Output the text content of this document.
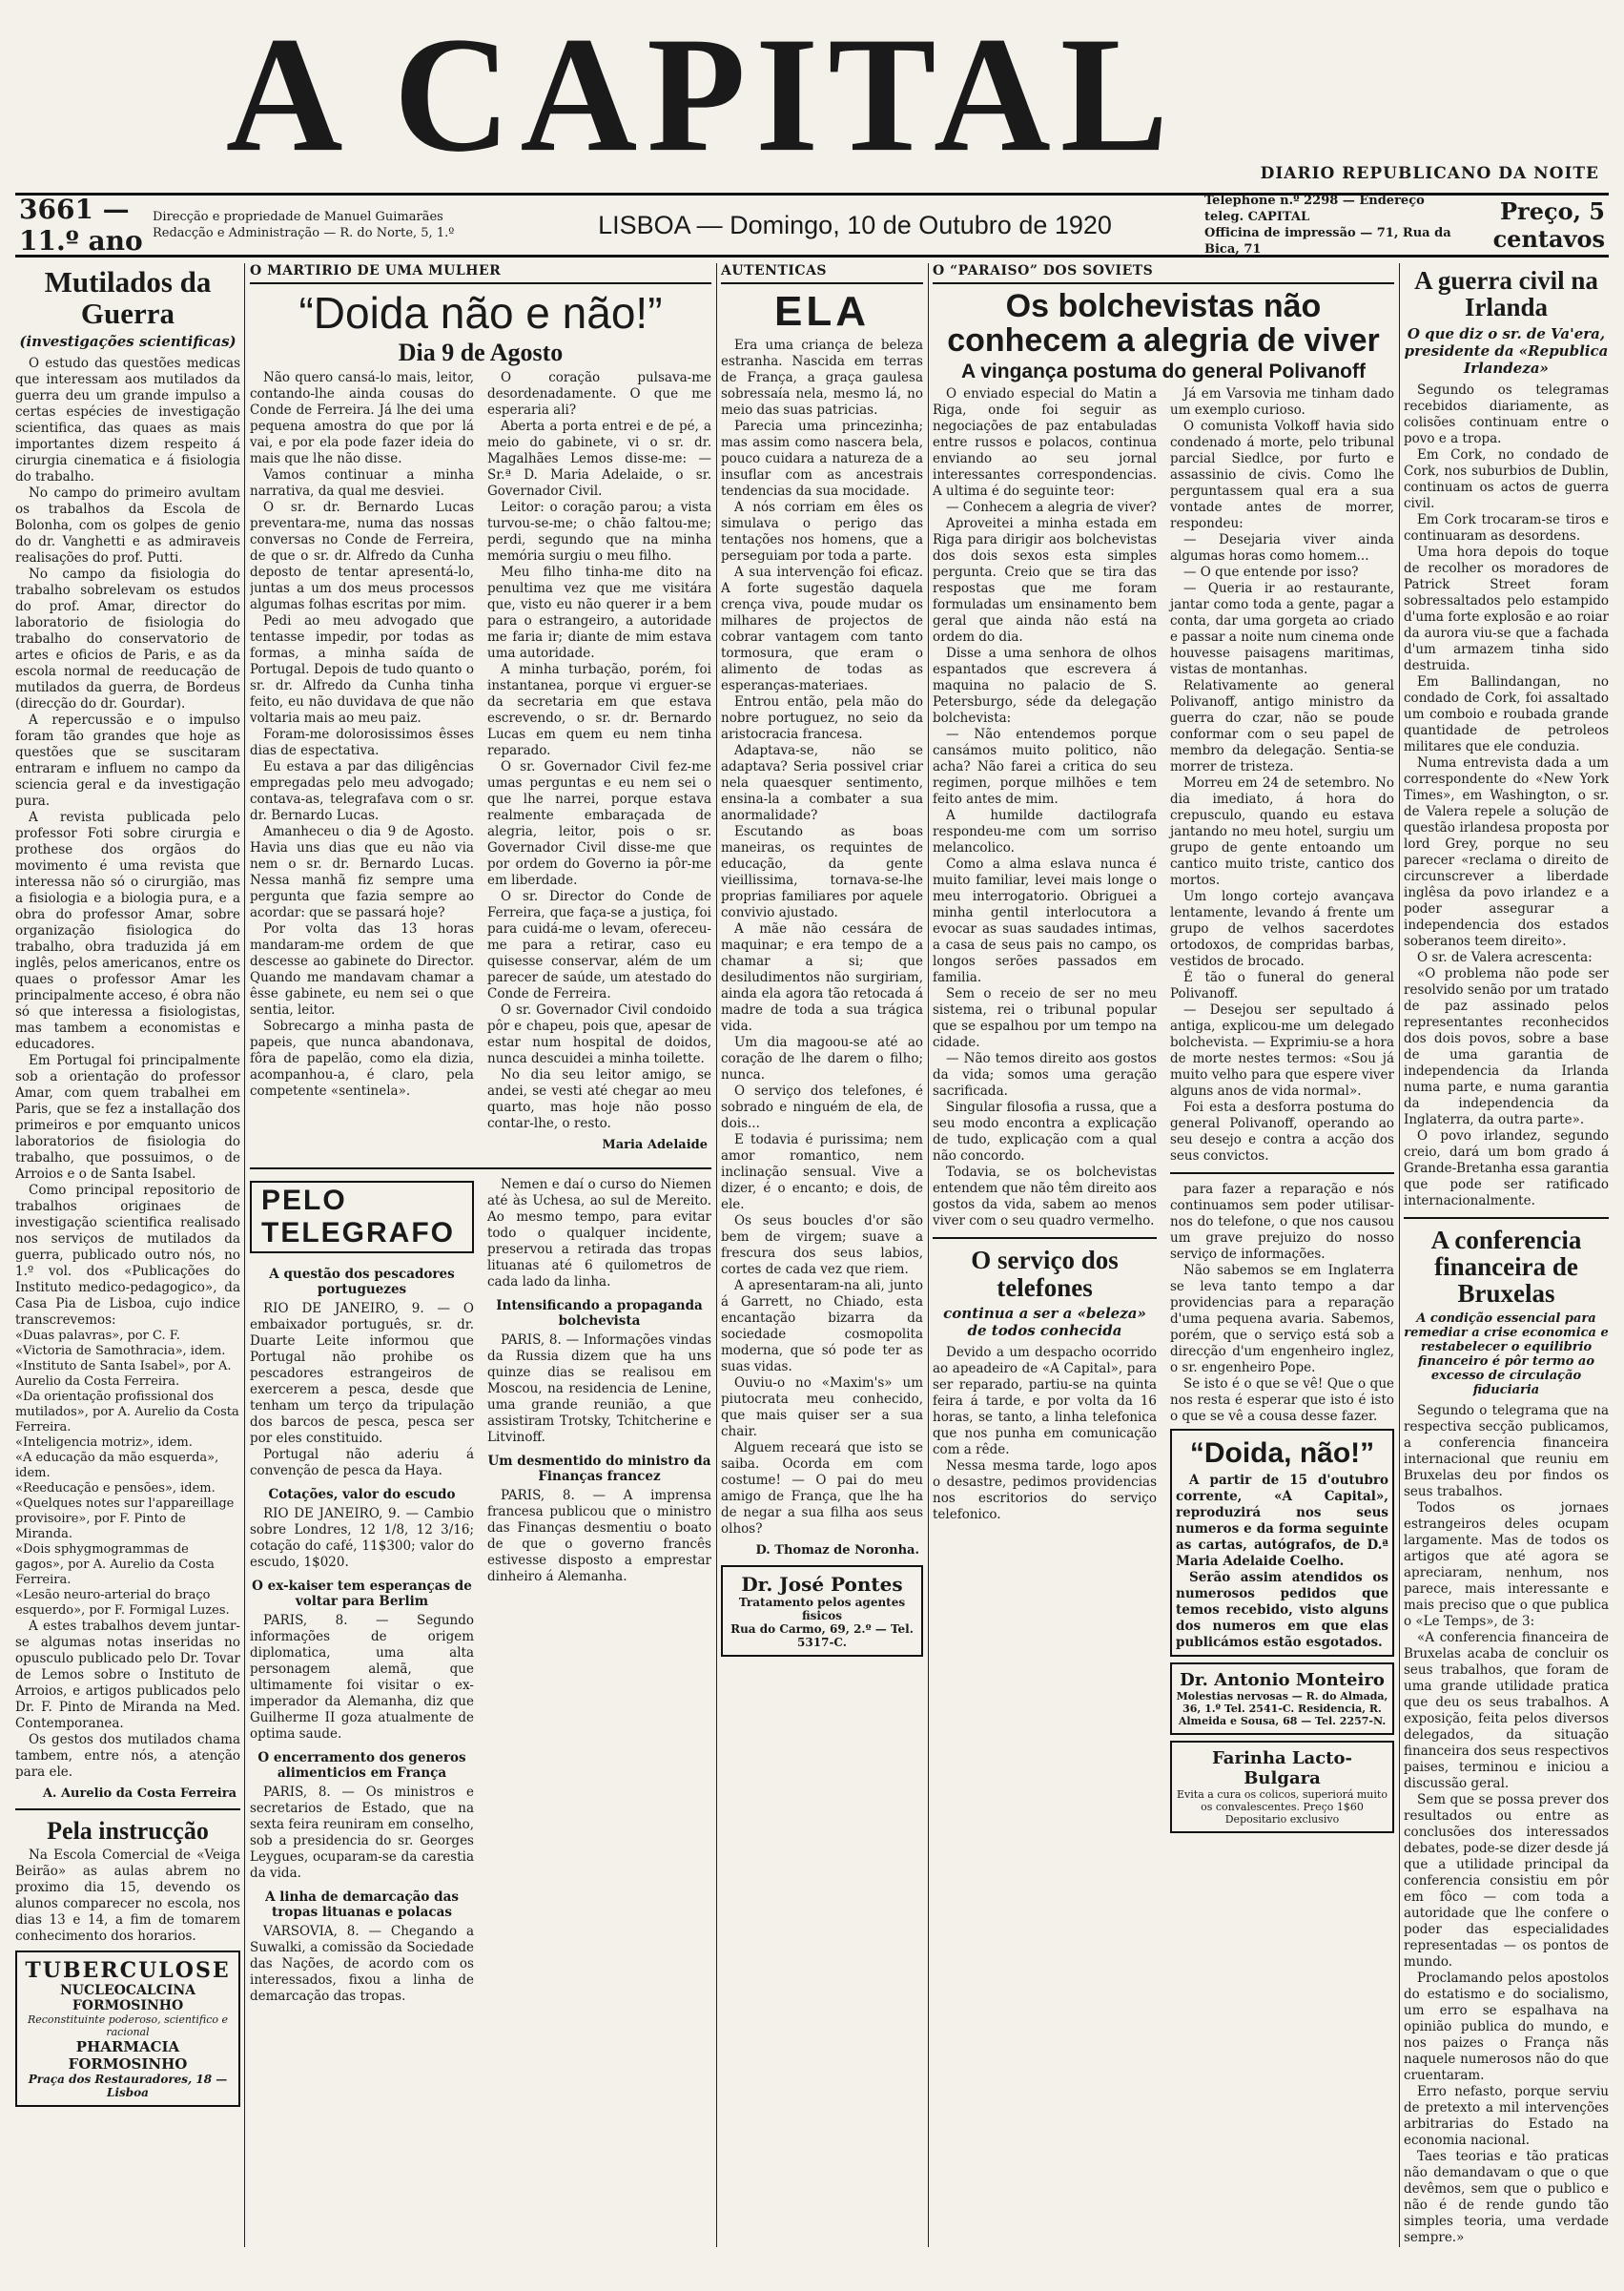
A CAPITAL	DIARIO REPUBLICANO DA NOITE
3661 — 11.º ano
Direcção e propriedade de Manuel Guimarães
Redacção e Administração — R. do Norte, 5, 1.º	LISBOA — Domingo, 10 de Outubro de 1920
Telephone n.º 2298 — Endereço teleg. CAPITAL
Officina de impressão — 71, Rua da Bica, 71
Preço, 5 centavos
Mutilados da Guerra
(investigações scientificas)

O estudo das questões medicas que interessam aos mutilados da guerra deu um grande impulso a certas espécies de investigação scientifica, das quaes as mais importantes dizem respeito á cirurgia cinematica e á fisiologia do trabalho.

No campo do primeiro avultam os trabalhos da Escola de Bolonha, com os golpes de genio do dr. Vanghetti e as admiraveis realisações do prof. Putti.

No campo da fisiologia do trabalho sobrelevam os estudos do prof. Amar, director do laboratorio de fisiologia do trabalho do conservatorio de artes e oficios de Paris, e as da escola normal de reeducação de mutilados da guerra, de Bordeus (direcção do dr. Gourdar).

A repercussão e o impulso foram tão grandes que hoje as questões que se suscitaram entraram e influem no campo da sciencia geral e da investigação pura.

A revista publicada pelo professor Foti sobre cirurgia e prothese dos orgãos do movimento é uma revista que interessa não só o cirurgião, mas a fisiologia e a biologia pura, e a obra do professor Amar, sobre organização fisiologica do trabalho, obra traduzida já em inglês, pelos americanos, entre os quaes o professor Amar les principalmente acceso, é obra não só que interessa a fisiologistas, mas tambem a economistas e educadores.

Em Portugal foi principalmente sob a orientação do professor Amar, com quem trabalhei em Paris, que se fez a installação dos primeiros e por emquanto unicos laboratorios de fisiologia do trabalho, que possuimos, o de Arroios e o de Santa Isabel.

Como principal repositorio de trabalhos originaes de investigação scientifica realisado nos serviços de mutilados da guerra, publicado outro nós, no 1.º vol. dos «Publicações do Instituto medico-pedagogico», da Casa Pia de Lisboa, cujo indice transcrevemos:

«Duas palavras», por C. F.

«Victoria de Samothracia», idem.

«Instituto de Santa Isabel», por A. Aurelio da Costa Ferreira.

«Da orientação profissional dos mutilados», por A. Aurelio da Costa Ferreira.

«Inteligencia motriz», idem.

«A educação da mão esquerda», idem.

«Reeducação e pensões», idem.

«Quelques notes sur l'appareillage provisoire», por F. Pinto de Miranda.

«Dois sphygmogrammas de gagos», por A. Aurelio da Costa Ferreira.

«Lesão neuro-arterial do braço esquerdo», por F. Formigal Luzes.

A estes trabalhos devem juntar-se algumas notas inseridas no opusculo publicado pelo Dr. Tovar de Lemos sobre o Instituto de Arroios, e artigos publicados pelo Dr. F. Pinto de Miranda na Med. Contemporanea.

Os gestos dos mutilados chama tambem, entre nós, a atenção para ele.

A. Aurelio da Costa Ferreira
Pela instrucção

Na Escola Comercial de «Veiga Beirão» as aulas abrem no proximo dia 15, devendo os alunos comparecer no escola, nos dias 13 e 14, a fim de tomarem conhecimento dos horarios.

TUBERCULOSE
NUCLEOCALCINA FORMOSINHO
Reconstituinte poderoso, scientifico e racional
PHARMACIA FORMOSINHO
Praça dos Restauradores, 18 — Lisboa
O MARTIRIO DE UMA MULHER
“Doida não e não!”
Dia 9 de Agosto

Não quero cansá-lo mais, leitor, contando-lhe ainda cousas do Conde de Ferreira. Já lhe dei uma pequena amostra do que por lá vai, e por ela pode fazer ideia do mais que lhe não disse.

Vamos continuar a minha narrativa, da qual me desviei.

O sr. dr. Bernardo Lucas preventara-me, numa das nossas conversas no Conde de Ferreira, de que o sr. dr. Alfredo da Cunha deposto de tentar apresentá-lo, juntas a um dos meus processos algumas folhas escritas por mim.

Pedi ao meu advogado que tentasse impedir, por todas as formas, a minha saída de Portugal. Depois de tudo quanto o sr. dr. Alfredo da Cunha tinha feito, eu não duvidava de que não voltaria mais ao meu paiz.

Foram-me dolorosissimos êsses dias de espectativa.

Eu estava a par das diligências empregadas pelo meu advogado; contava-as, telegrafava com o sr. dr. Bernardo Lucas.

Amanheceu o dia 9 de Agosto. Havia uns dias que eu não via nem o sr. dr. Bernardo Lucas. Nessa manhã fiz sempre uma pergunta que fazia sempre ao acordar: que se passará hoje?

Por volta das 13 horas mandaram-me ordem de que descesse ao gabinete do Director. Quando me mandavam chamar a êsse gabinete, eu nem sei o que sentia, leitor.

Sobrecargo a minha pasta de papeis, que nunca abandonava, fôra de papelão, como ela dizia, acompanhou-a, é claro, pela competente «sentinela».

O coração pulsava-me desordenadamente. O que me esperaria ali?

Aberta a porta entrei e de pé, a meio do gabinete, vi o sr. dr. Magalhães Lemos disse-me: — Sr.ª D. Maria Adelaide, o sr. Governador Civil.

Leitor: o coração parou; a vista turvou-se-me; o chão faltou-me; perdi, segundo que na minha memória surgiu o meu filho.

Meu filho tinha-me dito na penultima vez que me visitára que, visto eu não querer ir a bem para o estrangeiro, a autoridade me faria ir; diante de mim estava uma autoridade.

A minha turbação, porém, foi instantanea, porque vi erguer-se da secretaria em que estava escrevendo, o sr. dr. Bernardo Lucas em quem eu nem tinha reparado.

O sr. Governador Civil fez-me umas perguntas e eu nem sei o que lhe narrei, porque estava realmente embaraçada de alegria, leitor, pois o sr. Governador Civil disse-me que por ordem do Governo ia pôr-me em liberdade.

O sr. Director do Conde de Ferreira, que faça-se a justiça, foi para cuidá-me o levam, ofereceu-me para a retirar, caso eu quisesse conservar, além de um parecer de saúde, um atestado do Conde de Ferreira.

O sr. Governador Civil condoido pôr e chapeu, pois que, apesar de estar num hospital de doidos, nunca descuidei a minha toilette.

No dia seu leitor amigo, se andei, se vesti até chegar ao meu quarto, mas hoje não posso contar-lhe, o resto.

Maria Adelaide
PELO TELEGRAFO
A questão dos pescadores portuguezes

RIO DE JANEIRO, 9. — O embaixador português, sr. dr. Duarte Leite informou que Portugal não prohibe os pescadores estrangeiros de exercerem a pesca, desde que tenham um terço da tripulação dos barcos de pesca, pesca ser por eles constituido.

Portugal não aderiu á convenção de pesca da Haya.

Cotações, valor do escudo

RIO DE JANEIRO, 9. — Cambio sobre Londres, 12 1/8, 12 3/16; cotação do café, 11$300; valor do escudo, 1$020.

O ex-kaiser tem esperanças de voltar para Berlim

PARIS, 8. — Segundo informações de origem diplomatica, uma alta personagem alemã, que ultimamente foi visitar o ex-imperador da Alemanha, diz que Guilherme II goza atualmente de optima saude.

O encerramento dos generos alimenticios em França

PARIS, 8. — Os ministros e secretarios de Estado, que na sexta feira reuniram em conselho, sob a presidencia do sr. Georges Leygues, ocuparam-se da carestia da vida.

A linha de demarcação das tropas lituanas e polacas

VARSOVIA, 8. — Chegando a Suwalki, a comissão da Sociedade das Nações, de acordo com os interessados, fixou a linha de demarcação das tropas.

Nemen e daí o curso do Niemen até às Uchesa, ao sul de Mereito. Ao mesmo tempo, para evitar todo o qualquer incidente, preservou a retirada das tropas lituanas até 6 quilometros de cada lado da linha.

Intensificando a propaganda bolchevista

PARIS, 8. — Informações vindas da Russia dizem que ha uns quinze dias se realisou em Moscou, na residencia de Lenine, uma grande reunião, a que assistiram Trotsky, Tchitcherine e Litvinoff.

Um desmentido do ministro da Finanças francez

PARIS, 8. — A imprensa francesa publicou que o ministro das Finanças desmentiu o boato de que o governo francês estivesse disposto a emprestar dinheiro á Alemanha.

AUTENTICAS
ELA

Era uma criança de beleza estranha. Nascida em terras de França, a graça gaulesa sobressaía nela, mesmo lá, no meio das suas patricias.

Parecia uma princezinha; mas assim como nascera bela, pouco cuidara a natureza de a insuflar com as ancestrais tendencias da sua mocidade.

A nós corriam em êles os simulava o perigo das tentações nos homens, que a perseguiam por toda a parte.

A sua intervenção foi eficaz. A forte sugestão daquela crença viva, poude mudar os milhares de projectos de cobrar vantagem com tanto tormosura, que eram o alimento de todas as esperanças-materiaes.

Entrou então, pela mão do nobre portuguez, no seio da aristocracia francesa.

Adaptava-se, não se adaptava? Seria possivel criar nela quaesquer sentimento, ensina-la a combater a sua anormalidade?

Escutando as boas maneiras, os requintes de educação, da gente vieillissima, tornava-se-lhe proprias familiares por aquele convivio ajustado.

A mãe não cessára de maquinar; e era tempo de a chamar a si; que desiludimentos não surgiriam, ainda ela agora tão retocada á madre de toda a sua trágica vida.

Um dia magoou-se até ao coração de lhe darem o filho; nunca.

O serviço dos telefones, é sobrado e ninguém de ela, de dois...

E todavia é purissima; nem amor romantico, nem inclinação sensual. Vive a dizer, é o encanto; e dois, de ele.

Os seus boucles d'or são bem de virgem; suave a frescura dos seus labios, cortes de cada vez que riem.

A apresentaram-na ali, junto á Garrett, no Chiado, esta encantação bizarra da sociedade cosmopolita moderna, que só pode ter as suas vidas.

Ouviu-o no «Maxim's» um piutocrata meu conhecido, que mais quiser ser a sua chair.

Alguem receará que isto se saiba. Ocorda em com costume! — O pai do meu amigo de França, que lhe ha de negar a sua filha aos seus olhos?

D. Thomaz de Noronha.
Dr. José Pontes
Tratamento pelos agentes fisicos
Rua do Carmo, 69, 2.º — Tel. 5317-C.
O “PARAISO” DOS SOVIETS
Os bolchevistas não conhecem a alegria de viver
A vingança postuma do general Polivanoff

O enviado especial do Matin a Riga, onde foi seguir as negociações de paz entabuladas entre russos e polacos, continua enviando ao seu jornal interessantes correspondencias. A ultima é do seguinte teor:

— Conhecem a alegria de viver?

Aproveitei a minha estada em Riga para dirigir aos bolchevistas dos dois sexos esta simples pergunta. Creio que se tira das respostas que me foram formuladas um ensinamento bem geral que ainda não está na ordem do dia.

Disse a uma senhora de olhos espantados que escrevera á maquina no palacio de S. Petersburgo, séde da delegação bolchevista:

— Não entendemos porque cansámos muito politico, não acha? Não farei a critica do seu regimen, porque milhões e tem feito antes de mim.

A humilde dactilografa respondeu-me com um sorriso melancolico.

Como a alma eslava nunca é muito familiar, levei mais longe o meu interrogatorio. Obriguei a minha gentil interlocutora a evocar as suas saudades intimas, a casa de seus pais no campo, os longos serões passados em familia.

Sem o receio de ser no meu sistema, rei o tribunal popular que se espalhou por um tempo na cidade.

— Não temos direito aos gostos da vida; somos uma geração sacrificada.

Singular filosofia a russa, que a seu modo encontra a explicação de tudo, explicação com a qual não concordo.

Todavia, se os bolchevistas entendem que não têm direito aos gostos da vida, sabem ao menos viver com o seu quadro vermelho.

O serviço dos telefones
continua a ser a «beleza» de todos conhecida

Devido a um despacho ocorrido ao apeadeiro de «A Capital», para ser reparado, partiu-se na quinta feira á tarde, e por volta da 16 horas, se tanto, a linha telefonica que nos punha em comunicação com a rêde.

Nessa mesma tarde, logo apos o desastre, pedimos providencias nos escritorios do serviço telefonico.

Já em Varsovia me tinham dado um exemplo curioso.

O comunista Volkoff havia sido condenado á morte, pelo tribunal parcial Siedlce, por furto e assassinio de civis. Como lhe perguntassem qual era a sua vontade antes de morrer, respondeu:

— Desejaria viver ainda algumas horas como homem...

— O que entende por isso?

— Queria ir ao restaurante, jantar como toda a gente, pagar a conta, dar uma gorgeta ao criado e passar a noite num cinema onde houvesse paisagens maritimas, vistas de montanhas.

Relativamente ao general Polivanoff, antigo ministro da guerra do czar, não se poude conformar com o seu papel de membro da delegação. Sentia-se morrer de tristeza.

Morreu em 24 de setembro. No dia imediato, á hora do crepusculo, quando eu estava jantando no meu hotel, surgiu um grupo de gente entoando um cantico muito triste, cantico dos mortos.

Um longo cortejo avançava lentamente, levando á frente um grupo de velhos sacerdotes ortodoxos, de compridas barbas, vestidos de brocado.

É tão o funeral do general Polivanoff.

— Desejou ser sepultado á antiga, explicou-me um delegado bolchevista. — Exprimiu-se a hora de morte nestes termos: «Sou já muito velho para que espere viver alguns anos de vida normal».

Foi esta a desforra postuma do general Polivanoff, operando ao seu desejo e contra a acção dos seus convictos.

para fazer a reparação e nós continuamos sem poder utilisar-nos do telefone, o que nos causou um grave prejuizo do nosso serviço de informações.

Não sabemos se em Inglaterra se leva tanto tempo a dar providencias para a reparação d'uma pequena avaria. Sabemos, porém, que o serviço está sob a direcção d'um engenheiro inglez, o sr. engenheiro Pope.

Se isto é o que se vê! Que o que nos resta é esperar que isto é isto o que se vê a cousa desse fazer.

“Doida, não!”

A partir de 15 d'outubro corrente, «A Capital», reproduzirá nos seus numeros e da forma seguinte as cartas, autógrafos, de D.ª Maria Adelaide Coelho.

Serão assim atendidos os numerosos pedidos que temos recebido, visto alguns dos numeros em que elas publicámos estão esgotados.

Dr. Antonio Monteiro
Molestias nervosas — R. do Almada, 36, 1.º Tel. 2541-C. Residencia, R. Almeida e Sousa, 68 — Tel. 2257-N.
Farinha Lacto-Bulgara
Evita a cura os colicos, superiorá muito os convalescentes. Preço 1$60
Depositario exclusivo
A guerra civil na Irlanda
O que diz o sr. de Va'era, presidente da «Republica Irlandeza»

Segundo os telegramas recebidos diariamente, as colisões continuam entre o povo e a tropa.

Em Cork, no condado de Cork, nos suburbios de Dublin, continuam os actos de guerra civil.

Em Cork trocaram-se tiros e continuaram as desordens.

Uma hora depois do toque de recolher os moradores de Patrick Street foram sobressaltados pelo estampido d'uma forte explosão e ao roiar da aurora viu-se que a fachada d'um armazem tinha sido destruida.

Em Ballindangan, no condado de Cork, foi assaltado um comboio e roubada grande quantidade de petroleos militares que ele conduzia.

Numa entrevista dada a um correspondente do «New York Times», em Washington, o sr. de Valera repele a solução de questão irlandesa proposta por lord Grey, porque no seu parecer «reclama o direito de circunscrever a liberdade inglêsa da povo irlandez e a poder assegurar a independencia dos estados soberanos teem direito».

O sr. de Valera acrescenta:

«O problema não pode ser resolvido senão por um tratado de paz assinado pelos representantes reconhecidos dos dois povos, sobre a base de uma garantia de independencia da Irlanda numa parte, e numa garantia da independencia da Inglaterra, da outra parte».

O povo irlandez, segundo creio, dará um bom grado á Grande-Bretanha essa garantia que pode ser ratificado internacionalmente.

A conferencia financeira de Bruxelas
A condição essencial para remediar a crise economica e restabelecer o equilibrio financeiro é pôr termo ao excesso de circulação fiduciaria

Segundo o telegrama que na respectiva secção publicamos, a conferencia financeira internacional que reuniu em Bruxelas deu por findos os seus trabalhos.

Todos os jornaes estrangeiros deles ocupam largamente. Mas de todos os artigos que até agora se apreciaram, nenhum, nos parece, mais interessante e mais preciso que o que publica o «Le Temps», de 3:

«A conferencia financeira de Bruxelas acaba de concluir os seus trabalhos, que foram de uma grande utilidade pratica que deu os seus trabalhos. A exposição, feita pelos diversos delegados, da situação financeira dos seus respectivos paises, terminou e iniciou a discussão geral.

Sem que se possa prever dos resultados ou entre as conclusões dos interessados debates, pode-se dizer desde já que a utilidade principal da conferencia consistiu em pôr em fôco — com toda a autoridade que lhe confere o poder das especialidades representadas — os pontos de mundo.

Proclamando pelos apostolos do estatismo e do socialismo, um erro se espalhava na opinião publica do mundo, e nos paizes o França nãs naquele numerosos não do que cruentaram.

Erro nefasto, porque serviu de pretexto a mil intervenções arbitrarias do Estado na economia nacional.

Taes teorias e tão praticas não demandavam o que o que devêmos, sem que o publico e não é de rende gundo tão simples teoria, uma verdade sempre.»
